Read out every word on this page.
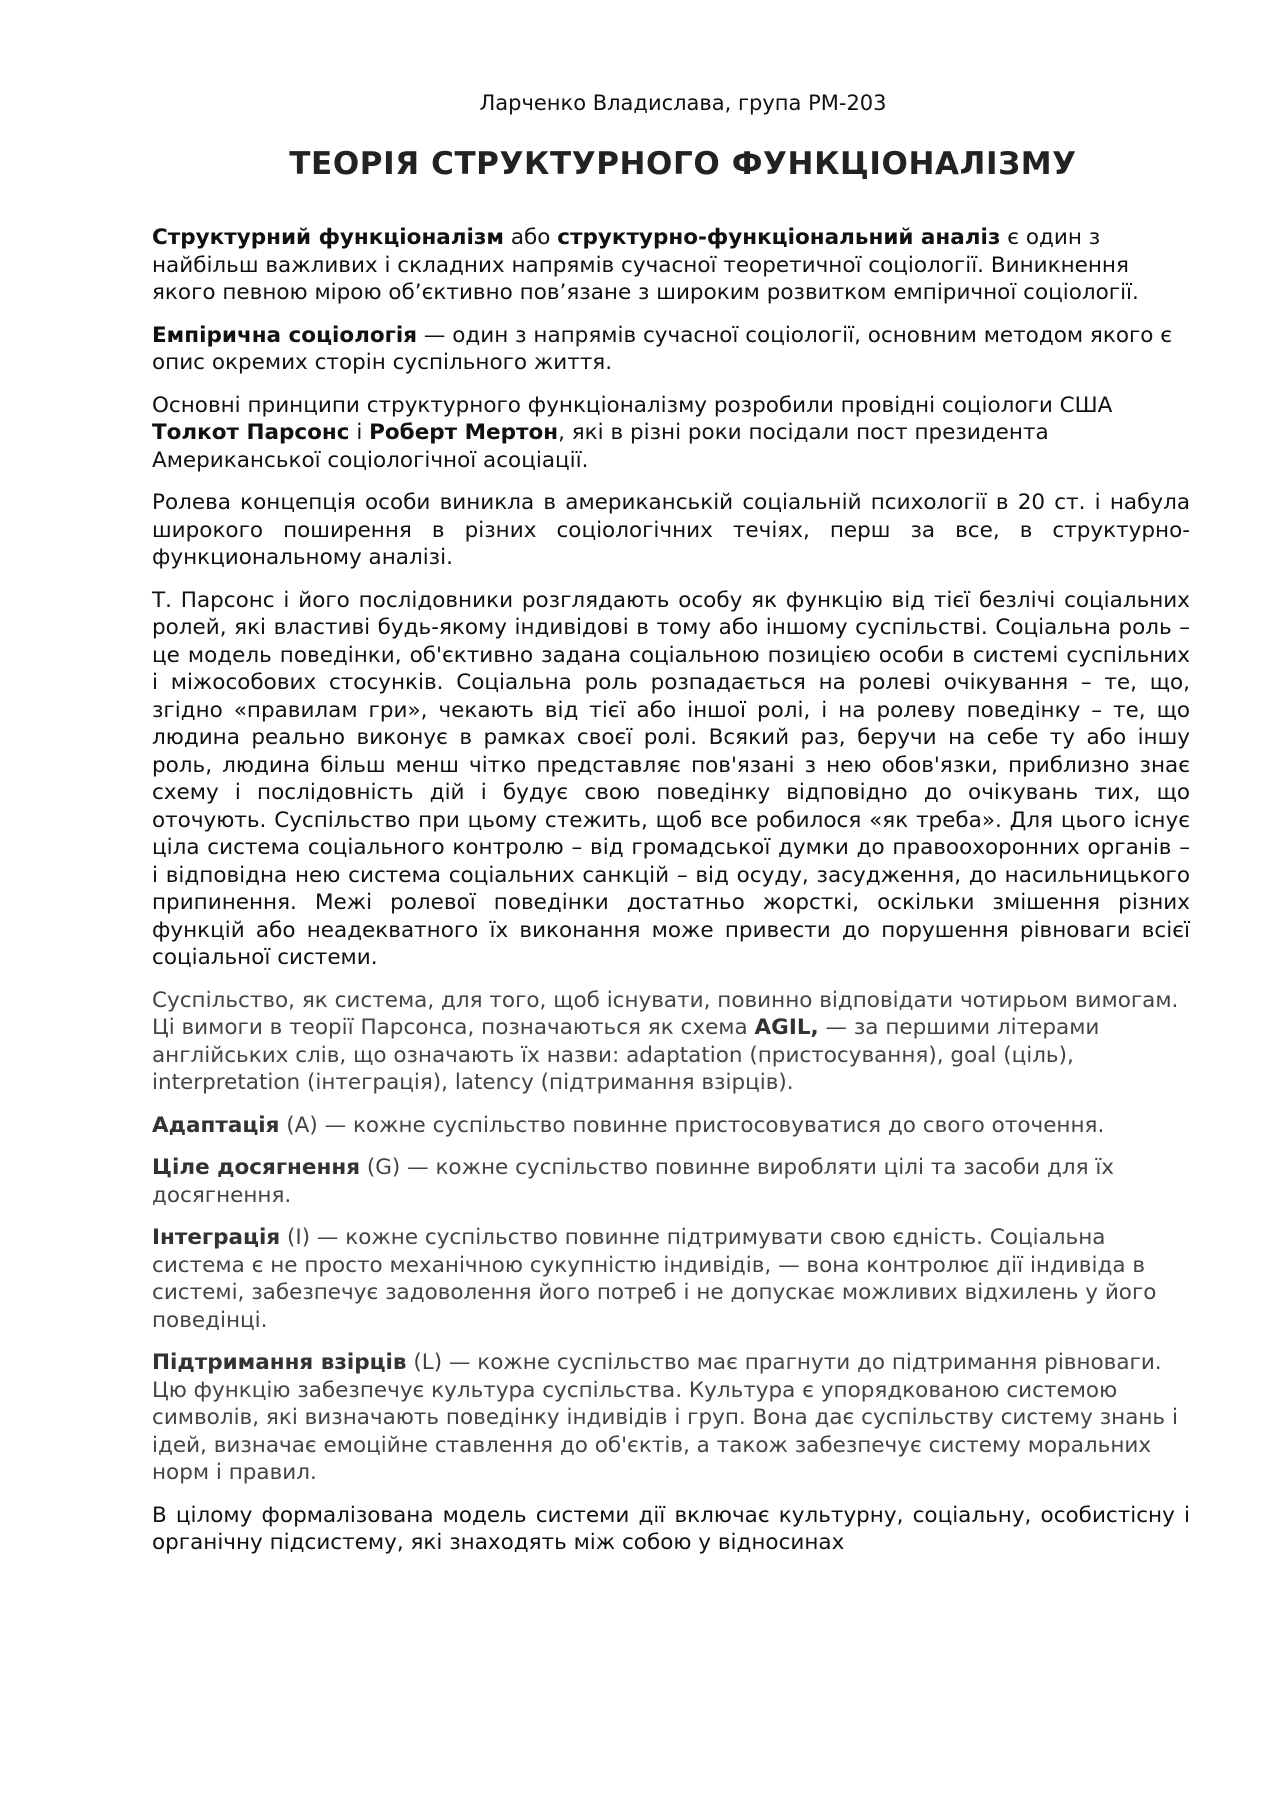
Ларченко Владислава, група РМ-203
ТЕОРІЯ СТРУКТУРНОГО ФУНКЦІОНАЛІЗМУ

Структурний функціоналізм або структурно-функціональний аналіз є один з найбільш важливих і складних напрямів сучасної теоретичної соціології. Виникнення якого певною мірою об’єктивно пов’язане з широким розвитком емпіричної соціології.

Емпірична соціологія — один з напрямів сучасної соціології, основним методом якого є опис окремих сторін суспільного життя.

Основні принципи структурного функціоналізму розробили провідні соціологи США Толкот Парсонс і Роберт Мертон, які в різні роки посідали пост президента Американської соціологічної асоціації.

Ролева концепція особи виникла в американській соціальній психології в 20 ст. і набула широкого поширення в різних соціологічних течіях, перш за все, в структурно-функциональному аналізі.

Т. Парсонс і його послідовники розглядають особу як функцію від тієї безлічі соціальних ролей, які властиві будь-якому індивідові в тому або іншому суспільстві. Соціальна роль – це модель поведінки, об'єктивно задана соціальною позицією особи в системі суспільних і міжособових стосунків. Соціальна роль розпадається на ролеві очікування – те, що, згідно «правилам гри», чекають від тієї або іншої ролі, і на ролеву поведінку – те, що людина реально виконує в рамках своєї ролі. Всякий раз, беручи на себе ту або іншу роль, людина більш менш чітко представляє пов'язані з нею обов'язки, приблизно знає схему і послідовність дій і будує свою поведінку відповідно до очікувань тих, що оточують. Суспільство при цьому стежить, щоб все робилося «як треба». Для цього існує ціла система соціального контролю – від громадської думки до правоохоронних органів – і відповідна нею система соціальних санкцій – від осуду, засудження, до насильницького припинення. Межі ролевої поведінки достатньо жорсткі, оскільки змішення різних функцій або неадекватного їх виконання може привести до порушення рівноваги всієї соціальної системи.

Суспільство, як система, для того, щоб існувати, повинно відповідати чотирьом вимогам. Ці вимоги в теорії Парсонса, позначаються як схема AGIL, — за першими літерами англійських слів, що означають їх назви: adaptation (пристосування), goal (ціль), interpretation (інтеграція), latency (підтримання взірців).

Адаптація (А) — кожне суспільство повинне пристосовуватися до свого оточення.

Ціле досягнення (G) — кожне суспільство повинне виробляти цілі та засоби для їх досягнення.

Інтеграція (І) — кожне суспільство повинне підтримувати свою єдність. Соціальна система є не просто механічною сукупністю індивідів, — вона контролює дії індивіда в системі, забезпечує задоволення його потреб і не допускає можливих відхилень у його поведінці.

Підтримання взірців (L) — кожне суспільство має прагнути до підтримання рівноваги. Цю функцію забезпечує культура суспільства. Культура є упорядкованою системою символів, які визначають поведінку індивідів і груп. Вона дає суспільству систему знань і ідей, визначає емоційне ставлення до об'єктів, а також забезпечує систему моральних норм і правил.

В цілому формалізована модель системи дії включає культурну, соціальну, особистісну і органічну підсистему, які знаходять між собою у відносинах
